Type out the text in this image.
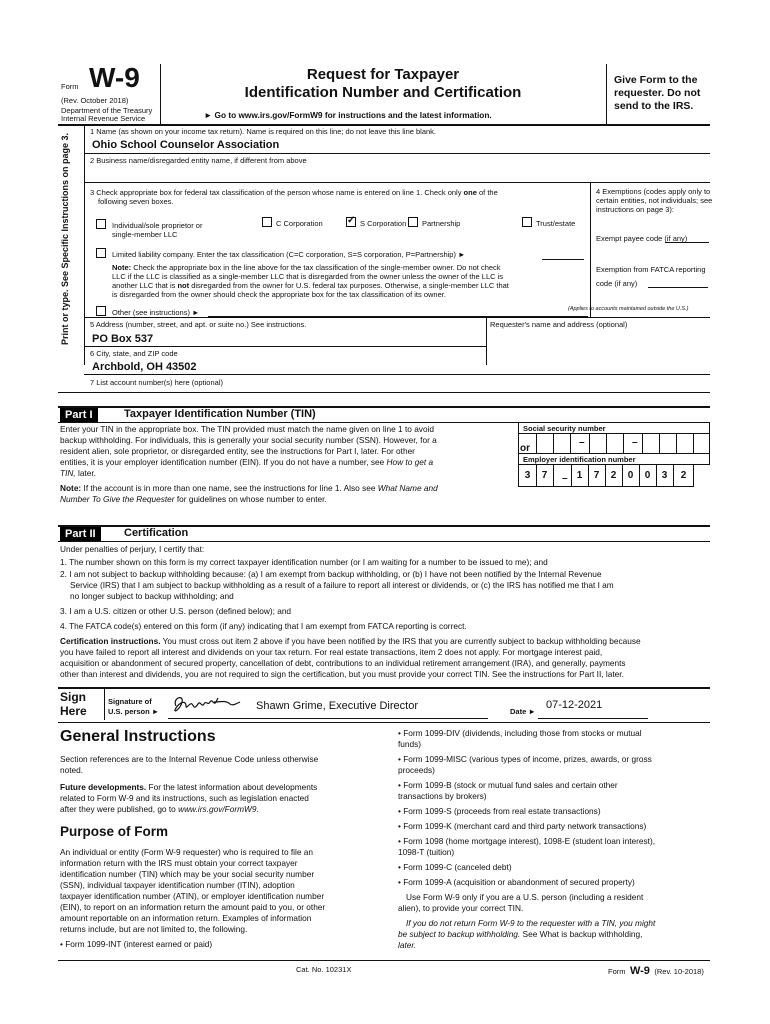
Form W-9
(Rev. October 2018)
Department of the Treasury
Internal Revenue Service
Request for Taxpayer
Identification Number and Certification
► Go to www.irs.gov/FormW9 for instructions and the latest information.
Give Form to the
requester. Do not
send to the IRS.
Print or type. See Specific Instructions on page 3.
1 Name (as shown on your income tax return). Name is required on this line; do not leave this line blank.
Ohio School Counselor Association
2 Business name/disregarded entity name, if different from above
3 Check appropriate box for federal tax classification of the person whose name is entered on line 1. Check only one of the
following seven boxes.
Individual/sole proprietor or
single-member LLC
C Corporation
✓	S Corporation Partnership	Trust/estate
Limited liability company. Enter the tax classification (C=C corporation, S=S corporation, P=Partnership) ►
Note: Check the appropriate box in the line above for the tax classification of the single-member owner. Do not check
LLC if the LLC is classified as a single-member LLC that is disregarded from the owner unless the owner of the LLC is
another LLC that is not disregarded from the owner for U.S. federal tax purposes. Otherwise, a single-member LLC that
is disregarded from the owner should check the appropriate box for the tax classification of its owner.
Other (see instructions) ►
4 Exemptions (codes apply only to
certain entities, not individuals; see
instructions on page 3):
Exempt payee code (if any)
Exemption from FATCA reporting
code (if any)
(Applies to accounts maintained outside the U.S.)
5 Address (number, street, and apt. or suite no.) See instructions.
PO Box 537
Requester's name and address (optional)
6 City, state, and ZIP code
Archbold, OH 43502
7 List account number(s) here (optional)
Part I	Taxpayer Identification Number (TIN)
Enter your TIN in the appropriate box. The TIN provided must match the name given on line 1 to avoid
backup withholding. For individuals, this is generally your social security number (SSN). However, for a
resident alien, sole proprietor, or disregarded entity, see the instructions for Part I, later. For other
entities, it is your employer identification number (EIN). If you do not have a number, see How to get a
TIN, later.
Note: If the account is in more than one name, see the instructions for line 1. Also see What Name and
Number To Give the Requester for guidelines on whose number to enter.
Social security number
–	–
or
Employer identification number
3	7	– 1	7	2	0	0	3	2
Part II	Certification
Under penalties of perjury, I certify that:
1. The number shown on this form is my correct taxpayer identification number (or I am waiting for a number to be issued to me); and
2. I am not subject to backup withholding because: (a) I am exempt from backup withholding, or (b) I have not been notified by the Internal Revenue
Service (IRS) that I am subject to backup withholding as a result of a failure to report all interest or dividends, or (c) the IRS has notified me that I am
no longer subject to backup withholding; and
3. I am a U.S. citizen or other U.S. person (defined below); and
4. The FATCA code(s) entered on this form (if any) indicating that I am exempt from FATCA reporting is correct.
Certification instructions. You must cross out item 2 above if you have been notified by the IRS that you are currently subject to backup withholding because
you have failed to report all interest and dividends on your tax return. For real estate transactions, item 2 does not apply. For mortgage interest paid,
acquisition or abandonment of secured property, cancellation of debt, contributions to an individual retirement arrangement (IRA), and generally, payments
other than interest and dividends, you are not required to sign the certification, but you must provide your correct TIN. See the instructions for Part II, later.
Sign
Here
Signature of
U.S. person ►	Shawn Grime, Executive Director	Date ►
07-12-2021
General Instructions
Section references are to the Internal Revenue Code unless otherwise
noted.
Future developments. For the latest information about developments
related to Form W-9 and its instructions, such as legislation enacted
after they were published, go to www.irs.gov/FormW9.
Purpose of Form
An individual or entity (Form W-9 requester) who is required to file an
information return with the IRS must obtain your correct taxpayer
identification number (TIN) which may be your social security number
(SSN), individual taxpayer identification number (ITIN), adoption
taxpayer identification number (ATIN), or employer identification number
(EIN), to report on an information return the amount paid to you, or other
amount reportable on an information return. Examples of information
returns include, but are not limited to, the following.
• Form 1099-INT (interest earned or paid)
• Form 1099-DIV (dividends, including those from stocks or mutual
funds)
• Form 1099-MISC (various types of income, prizes, awards, or gross
proceeds)
• Form 1099-B (stock or mutual fund sales and certain other
transactions by brokers)
• Form 1099-S (proceeds from real estate transactions)
• Form 1099-K (merchant card and third party network transactions)
• Form 1098 (home mortgage interest), 1098-E (student loan interest),
1098-T (tuition)
• Form 1099-C (canceled debt)
• Form 1099-A (acquisition or abandonment of secured property)
Use Form W-9 only if you are a U.S. person (including a resident
alien), to provide your correct TIN.
If you do not return Form W-9 to the requester with a TIN, you might
be subject to backup withholding. See What is backup withholding,
later.
Cat. No. 10231X	Form W-9 (Rev. 10-2018)
